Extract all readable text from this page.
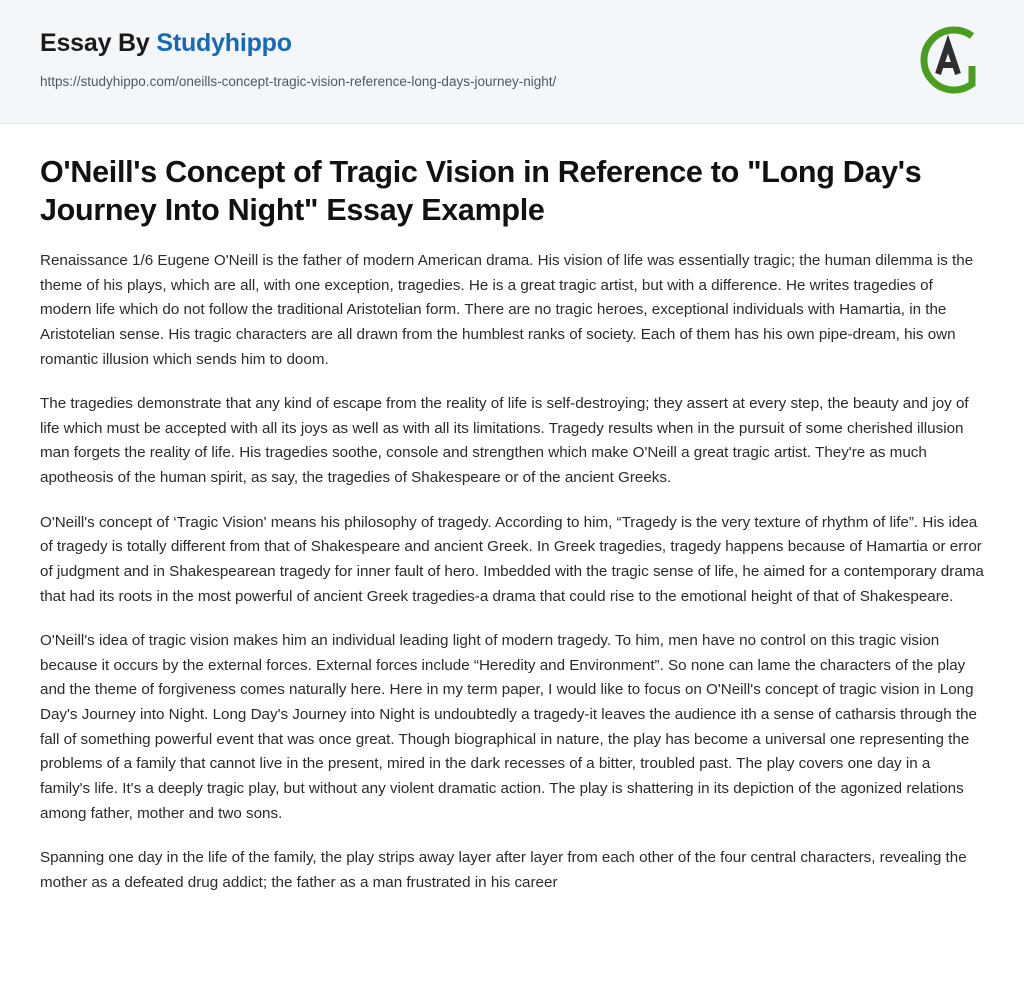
Essay By Studyhippo
https://studyhippo.com/oneills-concept-tragic-vision-reference-long-days-journey-night/
O'Neill's Concept of Tragic Vision in Reference to "Long Day's Journey Into Night" Essay Example

Renaissance 1/6 Eugene O'Neill is the father of modern American drama. His vision of life was essentially tragic; the human dilemma is the theme of his plays, which are all, with one exception, tragedies. He is a great tragic artist, but with a difference. He writes tragedies of modern life which do not follow the traditional Aristotelian form. There are no tragic heroes, exceptional individuals with Hamartia, in the Aristotelian sense. His tragic characters are all drawn from the humblest ranks of society. Each of them has his own pipe-dream, his own romantic illusion which sends him to doom.

The tragedies demonstrate that any kind of escape from the reality of life is self-destroying; they assert at every step, the beauty and joy of life which must be accepted with all its joys as well as with all its limitations. Tragedy results when in the pursuit of some cherished illusion man forgets the reality of life. His tragedies soothe, console and strengthen which make O'Neill a great tragic artist. They're as much apotheosis of the human spirit, as say, the tragedies of Shakespeare or of the ancient Greeks.

O'Neill's concept of ‘Tragic Vision' means his philosophy of tragedy. According to him, “Tragedy is the very texture of rhythm of life”. His idea of tragedy is totally different from that of Shakespeare and ancient Greek. In Greek tragedies, tragedy happens because of Hamartia or error of judgment and in Shakespearean tragedy for inner fault of hero. Imbedded with the tragic sense of life, he aimed for a contemporary drama that had its roots in the most powerful of ancient Greek tragedies-a drama that could rise to the emotional height of that of Shakespeare.

O'Neill's idea of tragic vision makes him an individual leading light of modern tragedy. To him, men have no control on this tragic vision because it occurs by the external forces. External forces include “Heredity and Environment”. So none can lame the characters of the play and the theme of forgiveness comes naturally here. Here in my term paper, I would like to focus on O'Neill's concept of tragic vision in Long Day's Journey into Night. Long Day's Journey into Night is undoubtedly a tragedy-it leaves the audience ith a sense of catharsis through the fall of something powerful event that was once great. Though biographical in nature, the play has become a universal one representing the problems of a family that cannot live in the present, mired in the dark recesses of a bitter, troubled past. The play covers one day in a family's life. It's a deeply tragic play, but without any violent dramatic action. The play is shattering in its depiction of the agonized relations among father, mother and two sons.

Spanning one day in the life of the family, the play strips away layer after layer from each other of the four central characters, revealing the mother as a defeated drug addict; the father as a man frustrated in his career
